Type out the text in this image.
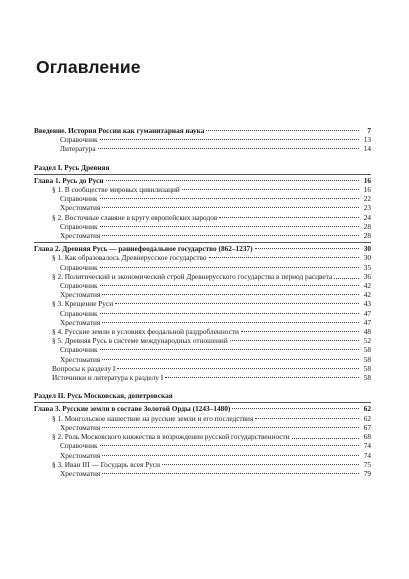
Оглавление
Введение. История России как гуманитарная наука	7
Справочник	13
Литература	14
Раздел I. Русь Древняя
Глава 1. Русь до Руси	16
§ 1. В сообществе мировых цивилизаций	16
Справочник	22
Хрестоматия	23
§ 2. Восточные славяне в кругу европейских народов	24
Справочник	28
Хрестоматия	28
Глава 2. Древняя Русь — раннефеодальное государство (862–1237)	30
§ 1. Как образовалось Древнерусское государство	30
Справочник	35
§ 2. Политический и экономический строй Древнерусского государства в период расцвета	36
Справочник	42
Хрестоматия	42
§ 3. Крещение Руси	43
Справочник	47
Хрестоматия	47
§ 4. Русские земли в условиях феодальной раздробленности	48
§ 5. Древняя Русь в системе международных отношений	52
Справочник	58
Хрестоматия	58
Вопросы к разделу I	58
Источники и литература к разделу I	58
Раздел II. Русь Московская, допетровская
Глава 3. Русские земли в составе Золотой Орды (1243–1480)	62
§ 1. Монгольское нашествие на русские земли и его последствия	62
Хрестоматия	67
§ 2. Роль Московского княжества в возрождении русской государственности	68
Справочник	74
Хрестоматия	74
§ 3. Иван III — Государь всея Руси	75
Хрестоматия	79
